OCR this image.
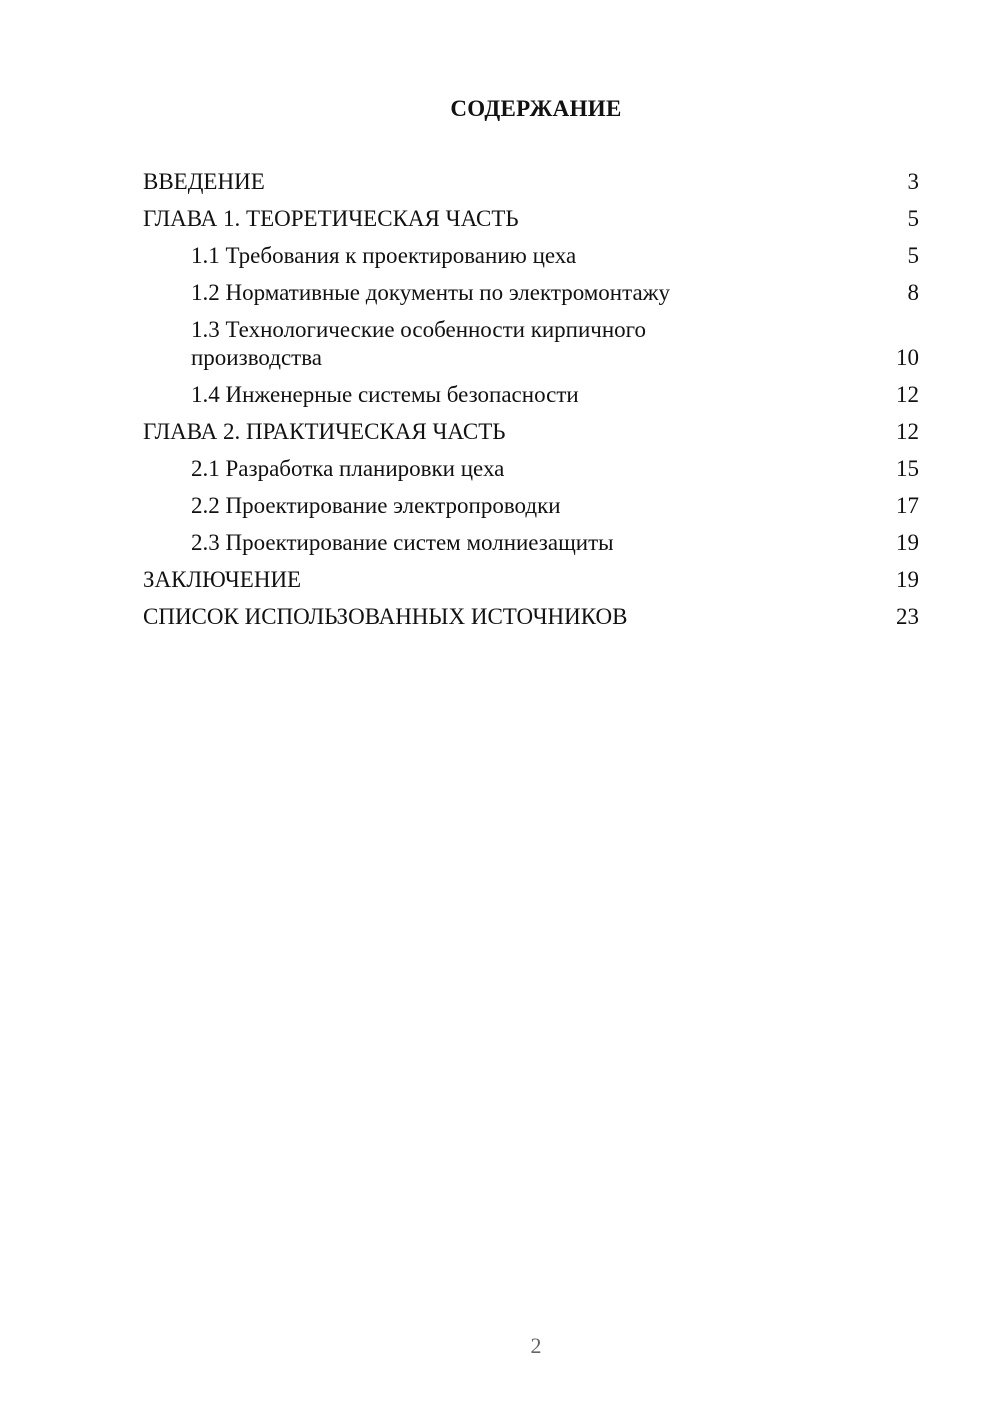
СОДЕРЖАНИЕ
ВВЕДЕНИЕ	3
ГЛАВА 1. ТЕОРЕТИЧЕСКАЯ ЧАСТЬ	5
1.1 Требования к проектированию цеха	5
1.2 Нормативные документы по электромонтажу	8
1.3 Технологические особенности кирпичного производства	10
1.4 Инженерные системы безопасности	12
ГЛАВА 2. ПРАКТИЧЕСКАЯ ЧАСТЬ	12
2.1 Разработка планировки цеха	15
2.2 Проектирование электропроводки	17
2.3 Проектирование систем молниезащиты	19
ЗАКЛЮЧЕНИЕ	19
СПИСОК ИСПОЛЬЗОВАННЫХ ИСТОЧНИКОВ	23
2
